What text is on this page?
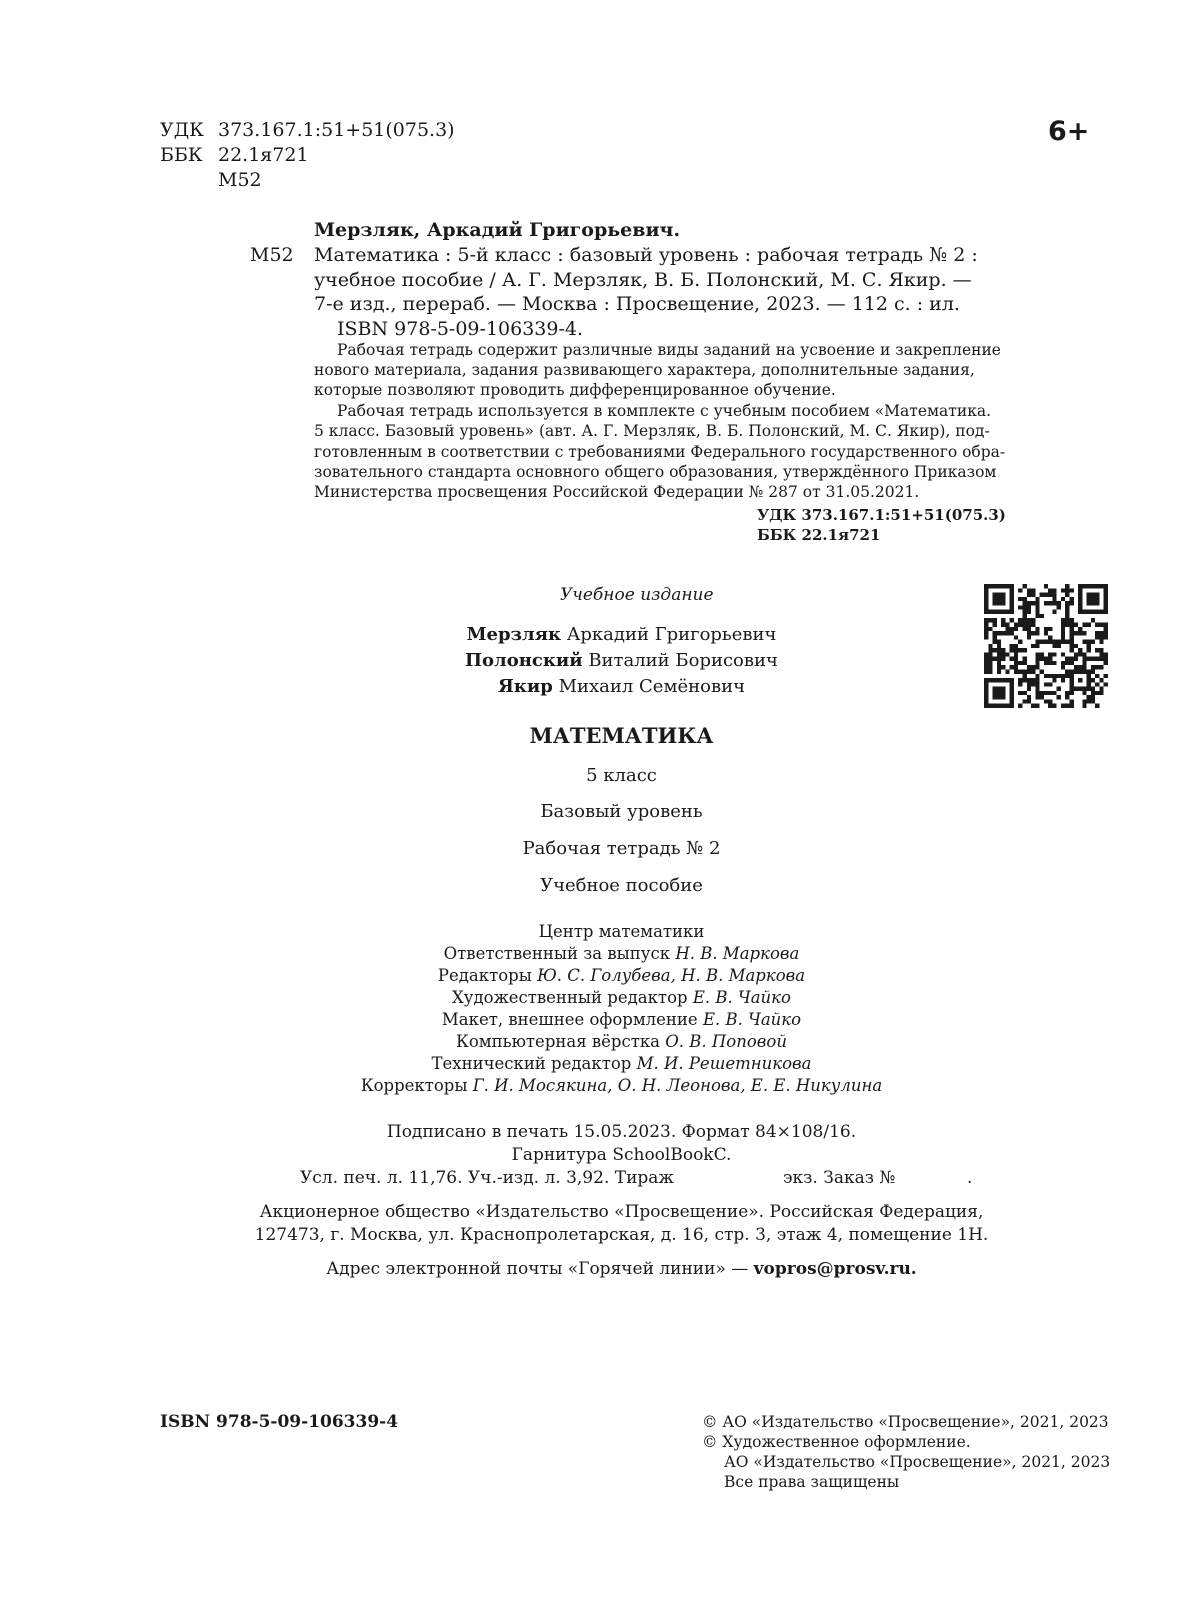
УДК 373.167.1:51+51(075.3)
ББК 22.1я721
М52
6+
Мерзляк, Аркадий Григорьевич.
М52 Математика : 5-й класс : базовый уровень : рабочая тетрадь № 2 :
учебное пособие / А. Г. Мерзляк, В. Б. Полонский, М. С. Якир. —
7-е изд., перераб. — Москва : Просвещение, 2023. — 112 с. : ил.
ISBN 978-5-09-106339-4.
Рабочая тетрадь содержит различные виды заданий на усвоение и закрепление
нового материала, задания развивающего характера, дополнительные задания,
которые позволяют проводить дифференцированное обучение.
Рабочая тетрадь используется в комплекте с учебным пособием «Математика.
5 класс. Базовый уровень» (авт. А. Г. Мерзляк, В. Б. Полонский, М. С. Якир), под-
готовленным в соответствии с требованиями Федерального государственного обра-
зовательного стандарта основного общего образования, утверждённого Приказом
Министерства просвещения Российской Федерации № 287 от 31.05.2021.
УДК 373.167.1:51+51(075.3)
ББК 22.1я721
Учебное издание
Мерзляк Аркадий Григорьевич
Полонский Виталий Борисович
Якир Михаил Семёнович
МАТЕМАТИКА
5 класс
Базовый уровень
Рабочая тетрадь № 2
Учебное пособие
Центр математики
Ответственный за выпуск Н. В. Маркова
Редакторы Ю. С. Голубева, Н. В. Маркова
Художественный редактор Е. В. Чайко
Макет, внешнее оформление Е. В. Чайко
Компьютерная вёрстка О. В. Поповой
Технический редактор М. И. Решетникова
Корректоры Г. И. Мосякина, О. Н. Леонова, Е. Е. Никулина
Подписано в печать 15.05.2023. Формат 84×108/16.
Гарнитура SchoolBookC.
Усл. печ. л. 11,76. Уч.-изд. л. 3,92. Тираж	экз. Заказ №	.
Акционерное общество «Издательство «Просвещение». Российская Федерация,
127473, г. Москва, ул. Краснопролетарская, д. 16, стр. 3, этаж 4, помещение 1Н.
Адрес электронной почты «Горячей линии» — vopros@prosv.ru.
ISBN 978-5-09-106339-4	© АО «Издательство «Просвещение», 2021, 2023
© Художественное оформление.
АО «Издательство «Просвещение», 2021, 2023
Все права защищены
